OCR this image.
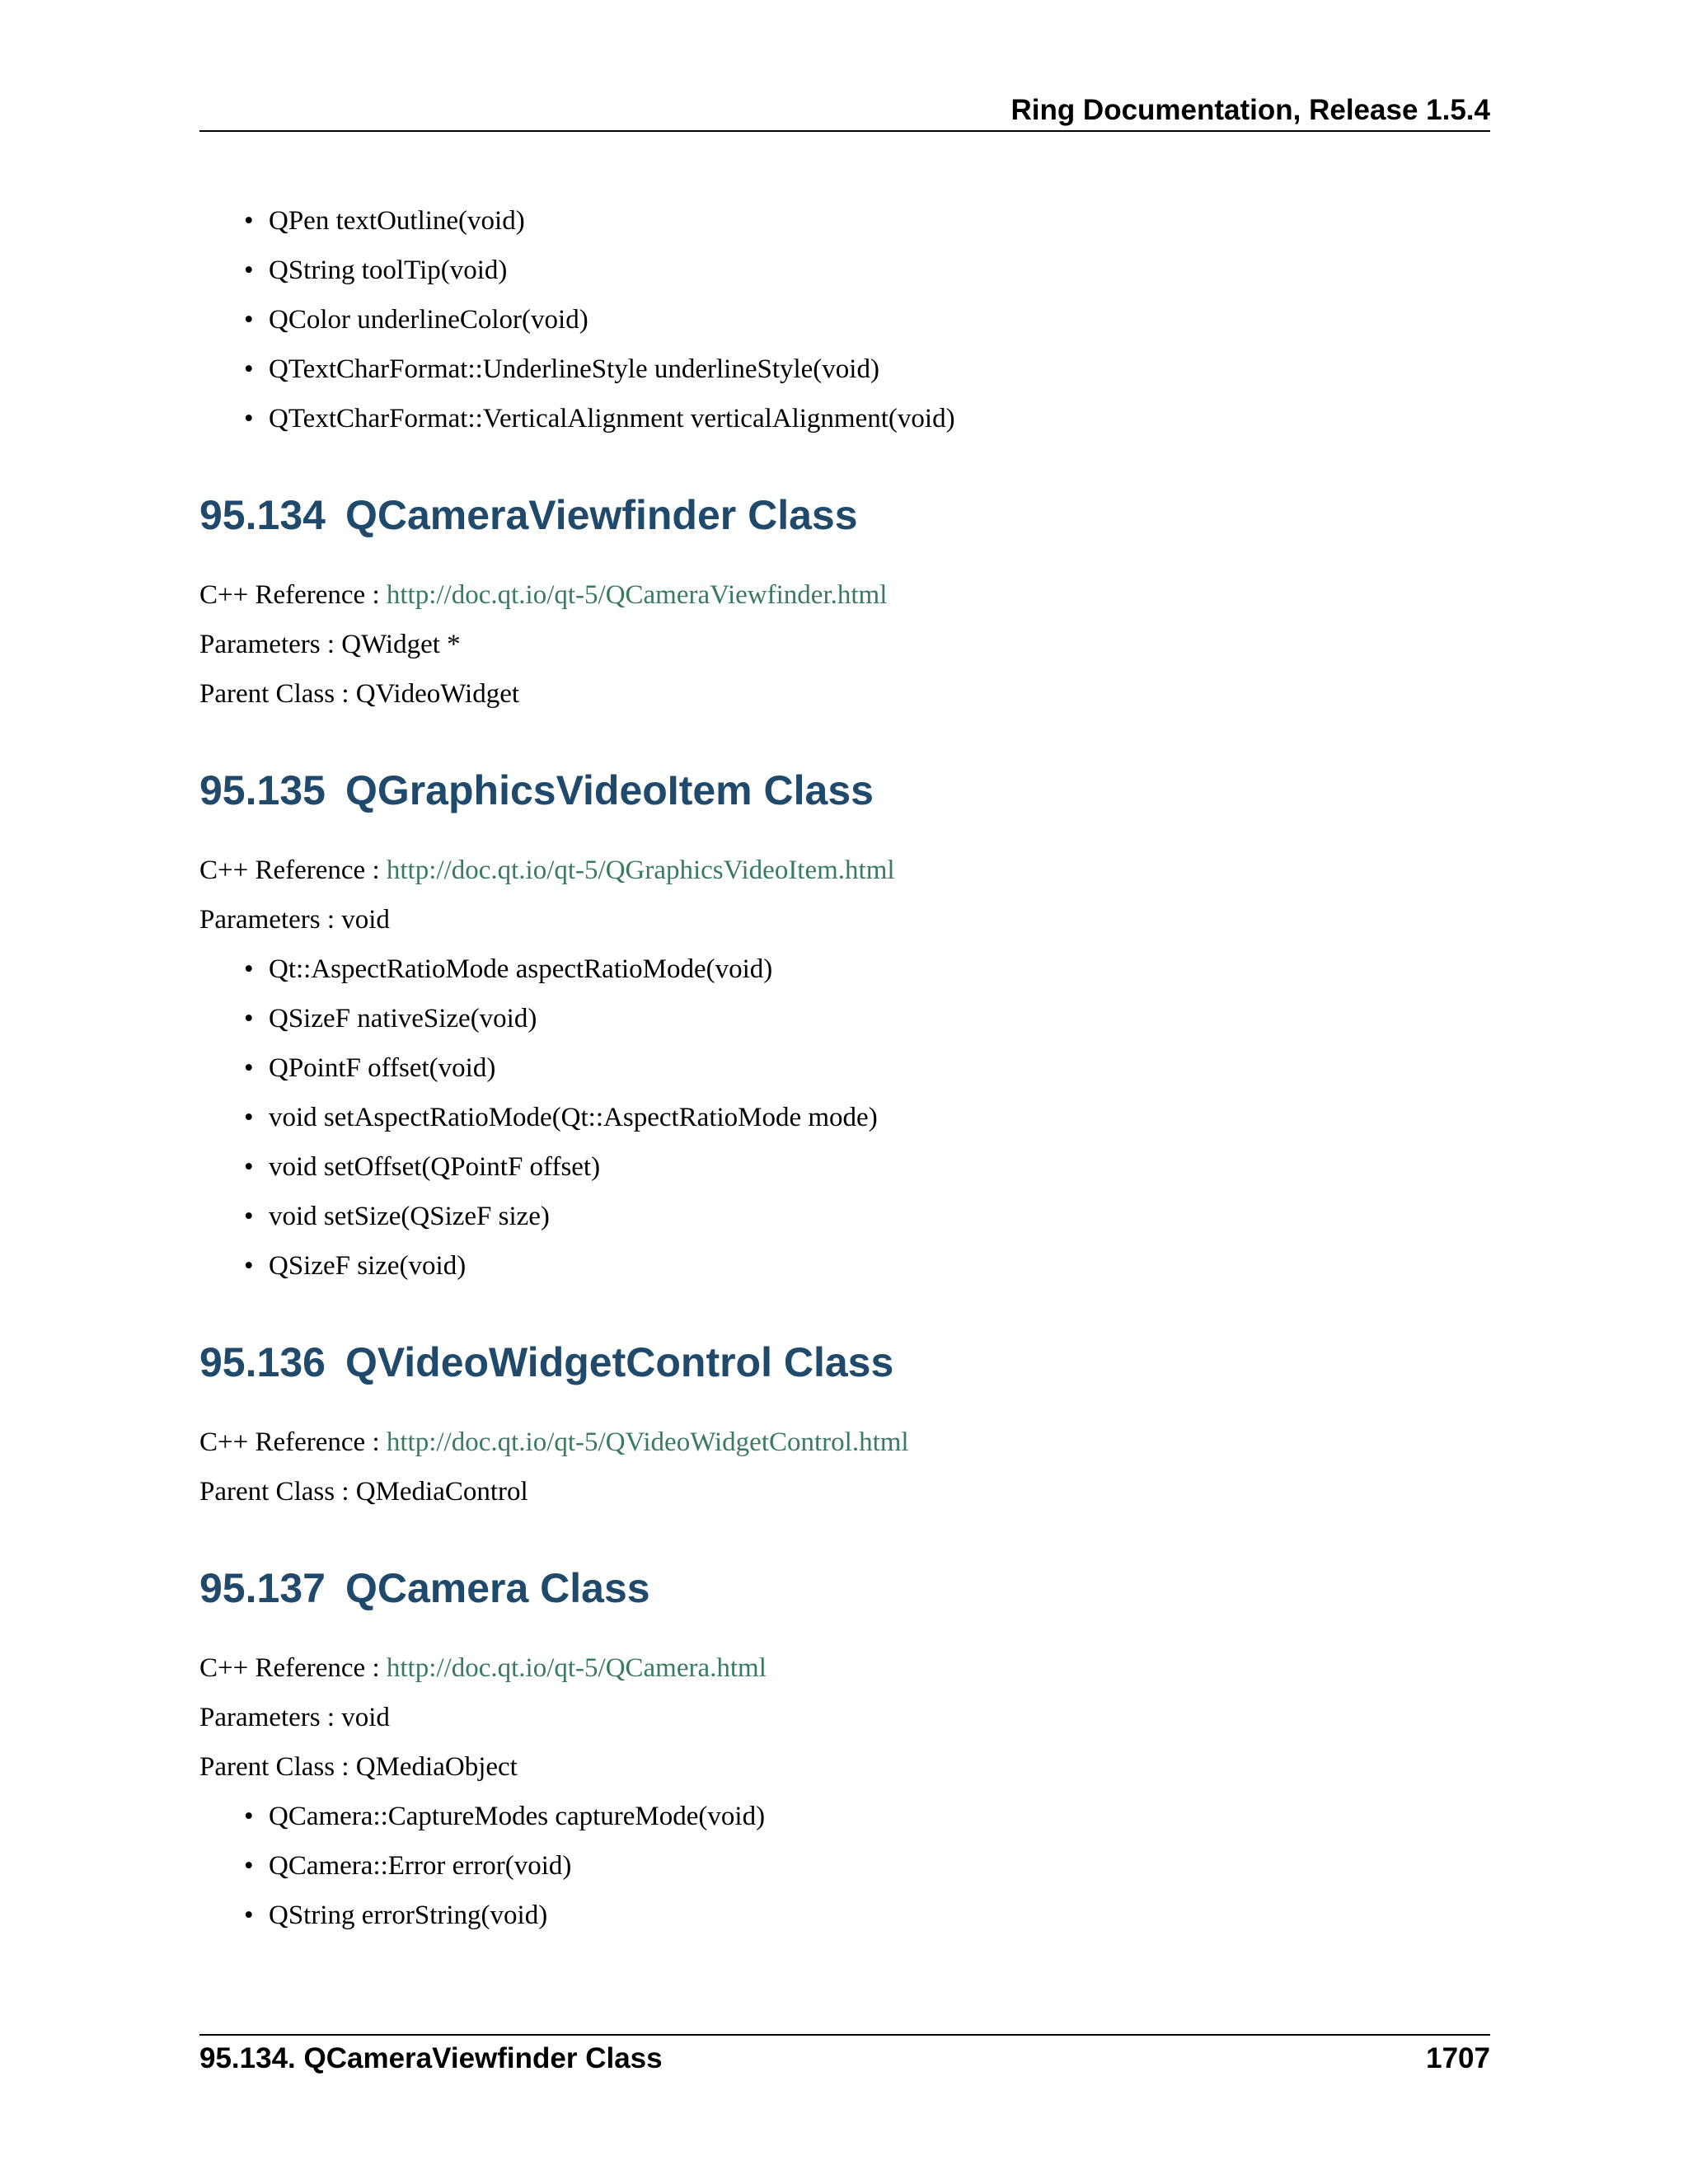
Ring Documentation, Release 1.5.4
• QPen textOutline(void)
• QString toolTip(void)
• QColor underlineColor(void)
• QTextCharFormat::UnderlineStyle underlineStyle(void)
• QTextCharFormat::VerticalAlignment verticalAlignment(void)
95.134 QCameraViewfinder Class

C++ Reference : http://doc.qt.io/qt-5/QCameraViewfinder.html

Parameters : QWidget *

Parent Class : QVideoWidget

95.135 QGraphicsVideoItem Class

C++ Reference : http://doc.qt.io/qt-5/QGraphicsVideoItem.html

Parameters : void

• Qt::AspectRatioMode aspectRatioMode(void)
• QSizeF nativeSize(void)
• QPointF offset(void)
• void setAspectRatioMode(Qt::AspectRatioMode mode)
• void setOffset(QPointF offset)
• void setSize(QSizeF size)
• QSizeF size(void)
95.136 QVideoWidgetControl Class

C++ Reference : http://doc.qt.io/qt-5/QVideoWidgetControl.html

Parent Class : QMediaControl

95.137 QCamera Class

C++ Reference : http://doc.qt.io/qt-5/QCamera.html

Parameters : void

Parent Class : QMediaObject

• QCamera::CaptureModes captureMode(void)
• QCamera::Error error(void)
• QString errorString(void)
95.134. QCameraViewfinder Class	1707
